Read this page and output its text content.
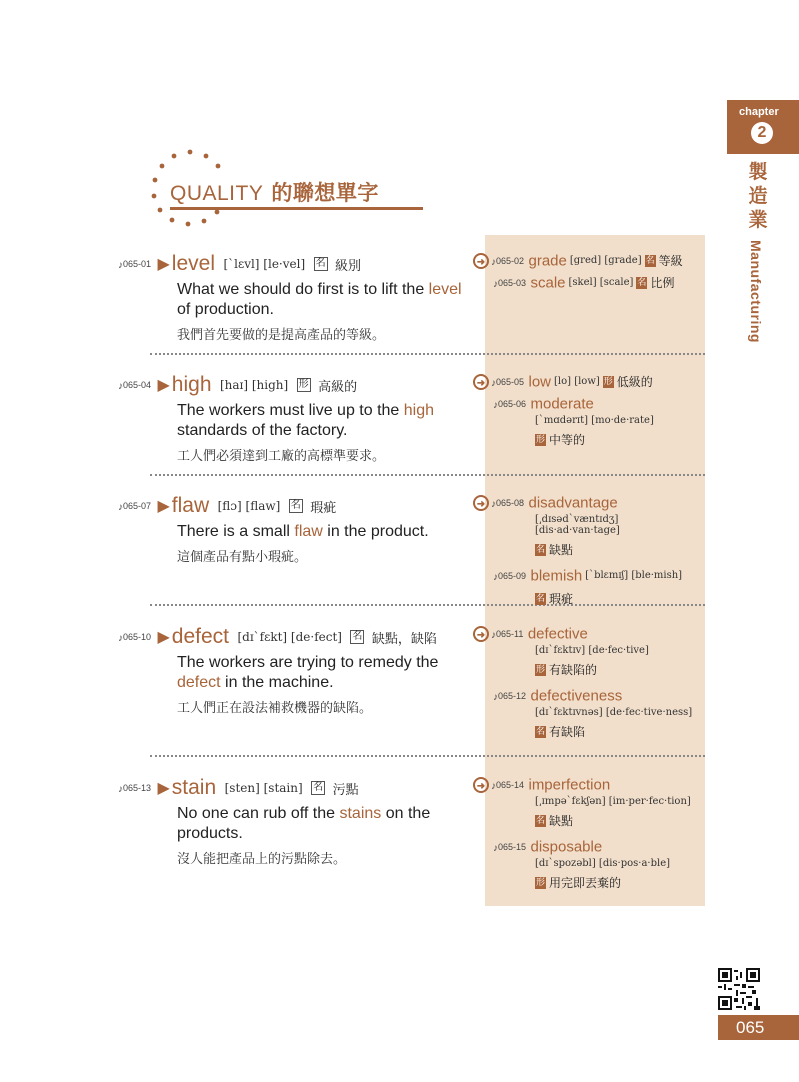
chapter
2
製
造
業
Manufacturing
QUALITY 的聯想單字
♪065-01 ▶level [ˋlɛvl] [le·vel] 名 級別
What we should do first is to lift the level of production.
我們首先要做的是提高產品的等級。
➜ ♪065-02 grade [gred] [grade] 名 等級
♪065-03 scale [skel] [scale] 名 比例
♪065-04 ▶high [haɪ] [high] 形 高級的
The workers must live up to the high standards of the factory.
工人們必須達到工廠的高標準要求。
➜ ♪065-05 low [lo] [low] 形 低級的
♪065-06 moderate
[ˋmɑdərɪt] [mo·de·rate]
形 中等的
♪065-07 ▶flaw [flɔ] [flaw] 名 瑕疵
There is a small flaw in the product.
這個產品有點小瑕疵。
➜ ♪065-08 disadvantage
[͵dɪsədˋvæntɪdʒ] [dis·ad·van·tage]
名 缺點
♪065-09 blemish [ˋblɛmɪʃ] [ble·mish]
名 瑕疵
♪065-10 ▶defect [dɪˋfɛkt] [de·fect] 名 缺點，缺陷
The workers are trying to remedy the defect in the machine.
工人們正在設法補救機器的缺陷。
➜ ♪065-11 defective
[dɪˋfɛktɪv] [de·fec·tive]
形 有缺陷的
♪065-12 defectiveness
[dɪˋfɛktɪvnəs] [de·fec·tive·ness]
名 有缺陷
♪065-13 ▶stain [sten] [stain] 名 污點
No one can rub off the stains on the products.
沒人能把產品上的污點除去。
➜ ♪065-14 imperfection
[͵ɪmpəˋfɛkʃən] [im·per·fec·tion]
名 缺點
♪065-15 disposable
[dɪˋspozəbl] [dis·pos·a·ble]
形 用完即丟棄的
065
